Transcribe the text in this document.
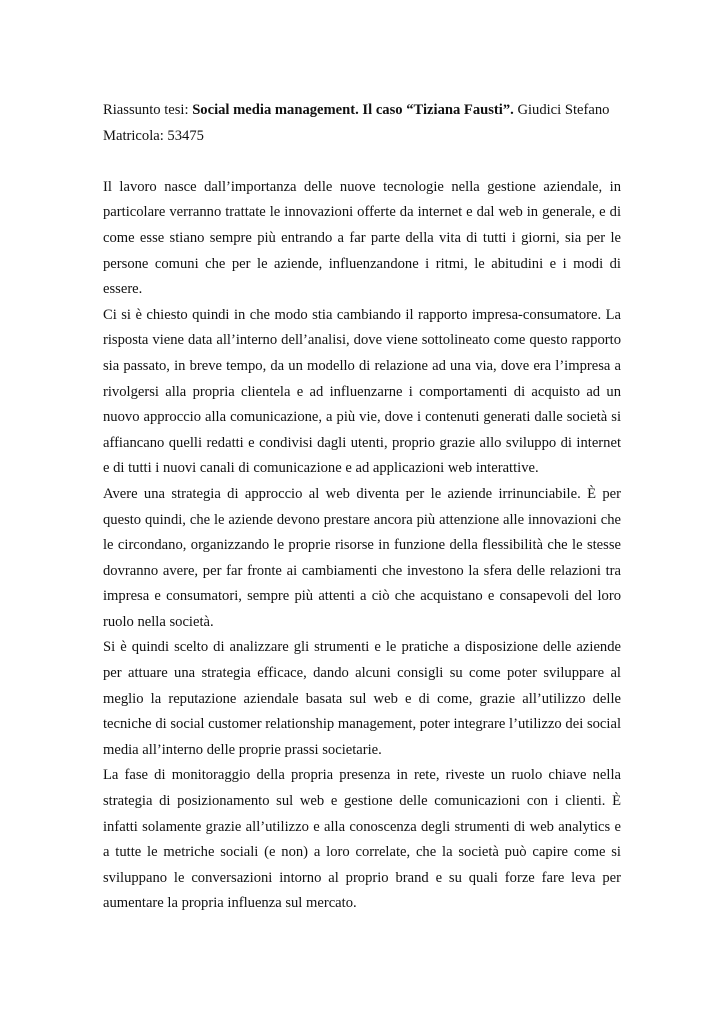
Riassunto tesi: Social media management. Il caso “Tiziana Fausti”. Giudici Stefano

Matricola: 53475

Il lavoro nasce dall’importanza delle nuove tecnologie nella gestione aziendale, in particolare verranno trattate le innovazioni offerte da internet e dal web in generale, e di come esse stiano sempre più entrando a far parte della vita di tutti i giorni, sia per le persone comuni che per le aziende, influenzandone i ritmi, le abitudini e i modi di essere.

Ci si è chiesto quindi in che modo stia cambiando il rapporto impresa-consumatore. La risposta viene data all’interno dell’analisi, dove viene sottolineato come questo rapporto sia passato, in breve tempo, da un modello di relazione ad una via, dove era l’impresa a rivolgersi alla propria clientela e ad influenzarne i comportamenti di acquisto ad un nuovo approccio alla comunicazione, a più vie, dove i contenuti generati dalle società si affiancano quelli redatti e condivisi dagli utenti, proprio grazie allo sviluppo di internet e di tutti i nuovi canali di comunicazione e ad applicazioni web interattive.

Avere una strategia di approccio al web diventa per le aziende irrinunciabile. È per questo quindi, che le aziende devono prestare ancora più attenzione alle innovazioni che le circondano, organizzando le proprie risorse in funzione della flessibilità che le stesse dovranno avere, per far fronte ai cambiamenti che investono la sfera delle relazioni tra impresa e consumatori, sempre più attenti a ciò che acquistano e consapevoli del loro ruolo nella società.

Si è quindi scelto di analizzare gli strumenti e le pratiche a disposizione delle aziende per attuare una strategia efficace, dando alcuni consigli su come poter sviluppare al meglio la reputazione aziendale basata sul web e di come, grazie all’utilizzo delle tecniche di social customer relationship management, poter integrare l’utilizzo dei social media all’interno delle proprie prassi societarie.

La fase di monitoraggio della propria presenza in rete, riveste un ruolo chiave nella strategia di posizionamento sul web e gestione delle comunicazioni con i clienti. È infatti solamente grazie all’utilizzo e alla conoscenza degli strumenti di web analytics e a tutte le metriche sociali (e non) a loro correlate, che la società può capire come si sviluppano le conversazioni intorno al proprio brand e su quali forze fare leva per aumentare la propria influenza sul mercato.
